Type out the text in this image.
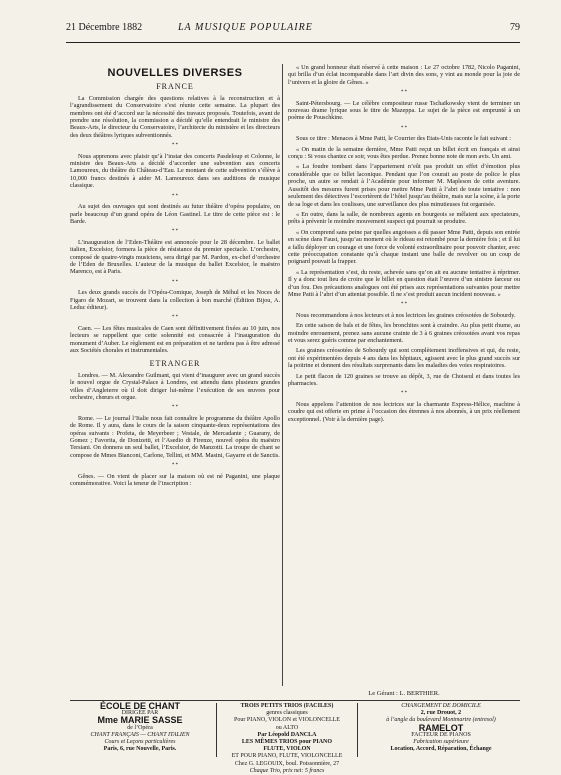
21 Décembre 1882	LA MUSIQUE POPULAIRE	79
NOUVELLES DIVERSES
FRANCE

La Commission chargée des questions relatives à la reconstruction et à l’agrandissement du Conservatoire s’est réunie cette semaine. La plupart des membres ont été d’accord sur la nécessité des travaux proposés. Toutefois, avant de prendre une résolution, la commission a décidé qu’elle entendrait le ministre des Beaux-Arts, le directeur du Conservatoire, l’architecte du ministère et les directeurs des deux théâtres lyriques subventionnés.

* *

Nous apprenons avec plaisir qu’à l’instar des concerts Pasdeloup et Colonne, le ministre des Beaux-Arts a décidé d’accorder une subvention aux concerts Lamoureux, du théâtre du Château-d’Eau. Le montant de cette subvention s’élève à 10,000 francs destinés à aider M. Lamoureux dans ses auditions de musique classique.

* *

Au sujet des ouvrages qui sont destinés au futur théâtre d’opéra populaire, on parle beaucoup d’un grand opéra de Léon Gastinel. Le titre de cette pièce est : le Barde.

* *

L’inauguration de l’Eden-Théâtre est annoncée pour le 28 décembre. Le ballet italien, Excelsior, formera la pièce de résistance du premier spectacle. L’orchestre, composé de quatre-vingts musiciens, sera dirigé par M. Pardon, ex-chef d’orchestre de l’Eden de Bruxelles. L’auteur de la musique du ballet Excelsior, le maëstro Marenco, est à Paris.

* *

Les deux grands succès de l’Opéra-Comique, Joseph de Méhul et les Noces de Figaro de Mozart, se trouvent dans la collection à bon marché (Édition Bijou, A. Leduc éditeur).

* *

Caen. — Les fêtes musicales de Caen sont définitivement fixées au 10 juin, nos lecteurs se rappellent que cette solennité est consacrée à l’inauguration du monument d’Auber. Le règlement est en préparation et ne tardera pas à être adressé aux Sociétés chorales et instrumentales.

ETRANGER

Londres. — M. Alexandre Guilmant, qui vient d’inaugurer avec un grand succès le nouvel orgue de Crystal-Palace à Londres, est attendu dans plusieurs grandes villes d’Angleterre où il doit diriger lui-même l’exécution de ses œuvres pour orchestre, chœurs et orgue.

* *

Rome. — Le journal l’Italie nous fait connaître le programme du théâtre Apollo de Rome. Il y aura, dans le cours de la saison cinquante-deux représentations des opéras suivants : Profeta, de Meyerbeer ; Vestale, de Mercadante ; Guarany, de Gomez ; Favorita, de Donizetti, et l’Asedio di Firenze, nouvel opéra du maëstro Tersiani. On donnera un seul ballet, l’Excelsior, de Manzotti. La troupe de chant se compose de Mmes Bianconi, Carlone, Tellini, et MM. Masini, Gayarre et de Sanctis.

* *

Gênes. — On vient de placer sur la maison où est né Paganini, une plaque commémorative. Voici la teneur de l’inscription :

« Un grand honneur était réservé à cette maison : Le 27 octobre 1782, Nicolo Paganini, qui brilla d’un éclat incomparable dans l’art divin des sons, y vint au monde pour la joie de l’univers et la gloire de Gênes. »

* *

Saint-Pétersbourg. — Le célèbre compositeur russe Tschaïkowsky vient de terminer un nouveau drame lyrique sous le titre de Mazeppa. Le sujet de la pièce est emprunté à un poème de Pouschkine.

* *

Sous ce titre : Menaces à Mme Patti, le Courrier des Etats-Unis raconte le fait suivant :

« On matin de la semaine dernière, Mme Patti reçut un billet écrit en français et ainsi conçu : Si vous chantez ce soir, vous êtes perdue. Prenez bonne note de mon avis. Un ami.

« La foudre tombant dans l’appartement n’eût pas produit un effet d’émotion plus considérable que ce billet laconique. Pendant que l’on courait au poste de police le plus proche, un autre se rendait à l’Académie pour informer M. Mapleson de cette aventure. Aussitôt des mesures furent prises pour mettre Mme Patti à l’abri de toute tentative : non seulement des détectives l’escortèrent de l’hôtel jusqu’au théâtre, mais sur la scène, à la porte de sa loge et dans les coulisses, une surveillance des plus minutieuses fut organisée.

« En outre, dans la salle, de nombreux agents en bourgeois se mêlaient aux spectateurs, prêts à prévenir le moindre mouvement suspect qui pourrait se produire.

« On comprend sans peine par quelles angoisses a dû passer Mme Patti, depuis son entrée en scène dans Faust, jusqu’au moment où le rideau est retombé pour la dernière fois ; et il lui a fallu déployer un courage et une force de volonté extraordinaire pour pouvoir chanter, avec cette préoccupation constante qu’à chaque instant une balle de revolver ou un coup de poignard pouvait la frapper.

« La représentation s’est, du reste, achevée sans qu’on ait eu aucune tentative à réprimer. Il y a donc tout lieu de croire que le billet en question était l’œuvre d’un sinistre farceur ou d’un fou. Des précautions analogues ont été prises aux représentations suivantes pour mettre Mme Patti à l’abri d’un attentat possible. Il ne s’est produit aucun incident nouveau. »

* *

Nous recommandons à nos lecteurs et à nos lectrices les graines créosotées de Sobourdy.

En cette saison de bals et de fêtes, les bronchites sont à craindre. Au plus petit rhume, au moindre enrouement, prenez sans aucune crainte de 3 à 6 graines créosotées avant vos repas et vous serez guéris comme par enchantement.

Les graines créosotées de Sobourdy qui sont complètement inoffensives et qui, du reste, ont été expérimentées depuis 4 ans dans les hôpitaux, agissent avec le plus grand succès sur la poitrine et donnent des résultats surprenants dans les maladies des voies respiratoires.

Le petit flacon de 120 graines se trouve au dépôt, 3, rue de Choiseul et dans toutes les pharmacies.

* *

Nous appelons l’attention de nos lectrices sur la charmante Express-Hélice, machine à coudre qui est offerte en prime à l’occasion des étrennes à nos abonnés, à un prix réellement exceptionnel. (Voir à la dernière page).

Le Gérant : L. BERTHIER.
ÉCOLE DE CHANT
DIRIGÉE PAR

Mme MARIE SASSE
de l’Opéra
CHANT FRANÇAIS — CHANT ITALIEN
Cours et Leçons particulières

Paris, 6, rue Nouvelle, Paris.
TROIS PETITS TRIOS (FACILES)
genres classiques
Pour PIANO, VIOLON et VIOLONCELLE
ou ALTO

Par Léopold DANCLA
LES MÊMES TRIOS pour PIANO
FLUTE, VIOLON
ET POUR PIANO, FLUTE, VIOLONCELLE
Chez G. LEGOUIX, boul. Poissonnière, 27
Chaque Trio, prix net: 5 francs
CHANGEMENT DE DOMICILE

2, rue Drouot, 2
à l’angle du boulevard Montmartre (entresol)

RAMELOT
FACTEUR DE PIANOS
Fabrication supérieure

Location, Accord, Réparation, Échange
